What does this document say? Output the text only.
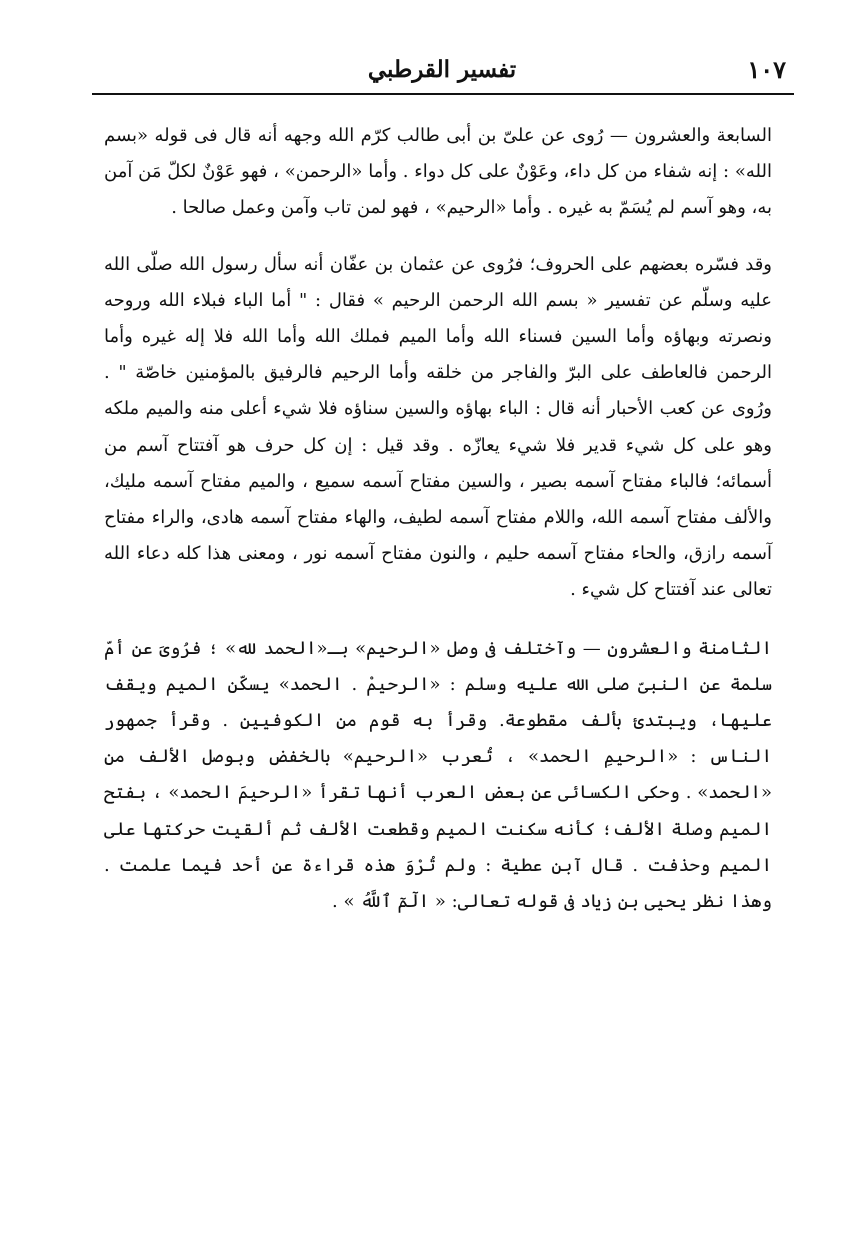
تفسير القرطبي	١٠٧

السابعة والعشرون — رُوى عن علىّ بن أبى طالب كرّم الله وجهه أنه قال فى قوله «بسم الله» : إنه شفاء من كل داء، وعَوْنٌ على كل دواء . وأما «الرحمن» ، فهو عَوْنٌ لكلّ مَن آمن به، وهو آسم لم يُسَمّ به غيره . وأما «الرحيم» ، فهو لمن تاب وآمن وعمل صالحا .

وقد فسّره بعضهم على الحروف؛ فرُوى عن عثمان بن عفّان أنه سأل رسول الله صلّى الله عليه وسلّم عن تفسير « بسم الله الرحمن الرحيم » فقال : " أما الباء فبلاء الله وروحه ونصرته وبهاؤه وأما السين فسناء الله وأما الميم فملك الله وأما الله فلا إله غيره وأما الرحمن فالعاطف على البرّ والفاجر من خلقه وأما الرحيم فالرفيق بالمؤمنين خاصّة " . ورُوى عن كعب الأحبار أنه قال : الباء بهاؤه والسين سناؤه فلا شيء أعلى منه والميم ملكه وهو على كل شيء قدير فلا شيء يعازّه . وقد قيل : إن كل حرف هو آفتتاح آسم من أسمائه؛ فالباء مفتاح آسمه بصير ، والسين مفتاح آسمه سميع ، والميم مفتاح آسمه مليك، والألف مفتاح آسمه الله، واللام مفتاح آسمه لطيف، والهاء مفتاح آسمه هادى، والراء مفتاح آسمه رازق، والحاء مفتاح آسمه حليم ، والنون مفتاح آسمه نور ، ومعنى هذا كله دعاء الله تعالى عند آفتتاح كل شيء .

الثامنة والعشرون — وآختلف فى وصل «الرحيم» بـ«الحمد لله» ؛ فرُوىَ عن أمّ سلمة عن النبىّ صلى الله عليه وسلم : «الرحيمْ . الحمد» يسكّن الميم ويقف عليها، ويبتدئ بألف مقطوعة. وقرأ به قوم من الكوفيين . وقرأ جمهور الناس : «الرحيمِ الحمد» ، تُعرب «الرحيم» بالخفض وبوصل الألف من «الحمد» . وحكى الكسائى عن بعض العرب أنها تقرأ «الرحيمَ الحمد» ، بفتح الميم وصلة الألف؛ كأنه سكنت الميم وقطعت الألف ثم ألقيت حركتها على الميم وحذفت . قال آبن عطية : ولم تُرْوَ هذه قراءة عن أحد فيما علمت . وهذا نظر يحيى بن زياد فى قوله تعالى: « الٓمٓ ٱللَّهُ » .
